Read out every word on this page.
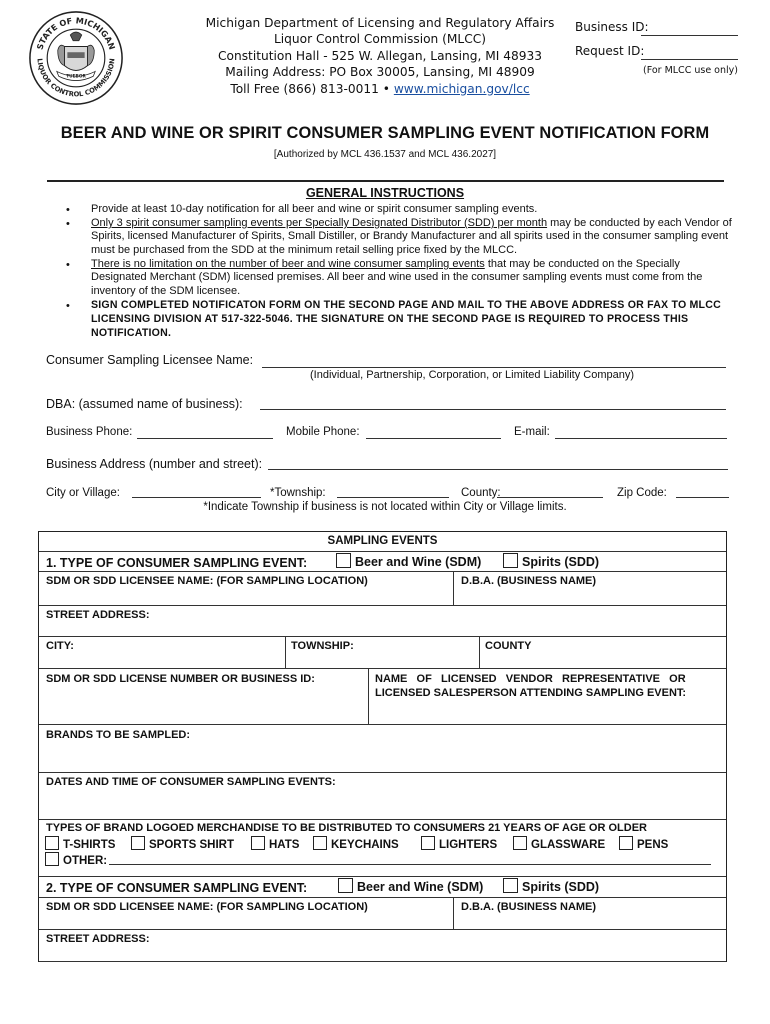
STATE OF MICHIGAN
LIQUOR CONTROL COMMISSION
TUEBOR
Michigan Department of Licensing and Regulatory Affairs
Liquor Control Commission (MLCC)
Constitution Hall - 525 W. Allegan, Lansing, MI 48933
Mailing Address: PO Box 30005, Lansing, MI 48909
Toll Free (866) 813-0011 • www.michigan.gov/lcc
Business ID:
Request ID:
(For MLCC use only)
BEER AND WINE OR SPIRIT CONSUMER SAMPLING EVENT NOTIFICATION FORM
[Authorized by MCL 436.1537 and MCL 436.2027]
GENERAL INSTRUCTIONS
• Provide at least 10-day notification for all beer and wine or spirit consumer sampling events.
• Only 3 spirit consumer sampling events per Specially Designated Distributor (SDD) per month may be conducted by each Vendor of Spirits, licensed Manufacturer of Spirits, Small Distiller, or Brandy Manufacturer and all spirits used in the consumer sampling event must be purchased from the SDD at the minimum retail selling price fixed by the MLCC.
• There is no limitation on the number of beer and wine consumer sampling events that may be conducted on the Specially Designated Merchant (SDM) licensed premises. All beer and wine used in the consumer sampling events must come from the inventory of the SDM licensee.
• SIGN COMPLETED NOTIFICATON FORM ON THE SECOND PAGE AND MAIL TO THE ABOVE ADDRESS OR FAX TO MLCC LICENSING DIVISION AT 517-322-5046. THE SIGNATURE ON THE SECOND PAGE IS REQUIRED TO PROCESS THIS NOTIFICATION.
Consumer Sampling Licensee Name:
(Individual, Partnership, Corporation, or Limited Liability Company)
DBA: (assumed name of business):
Business Phone:	Mobile Phone:	E-mail:
Business Address (number and street):
City or Village:	*Township:	County:	Zip Code:
*Indicate Township if business is not located within City or Village limits.
SAMPLING EVENTS
1. TYPE OF CONSUMER SAMPLING EVENT:	Beer and Wine (SDM)	Spirits (SDD)
SDM OR SDD LICENSEE NAME: (FOR SAMPLING LOCATION)	D.B.A. (BUSINESS NAME)
STREET ADDRESS:
CITY:	TOWNSHIP:	COUNTY
SDM OR SDD LICENSE NUMBER OR BUSINESS ID:	NAME   OF   LICENSED   VENDOR   REPRESENTATIVE   OR
LICENSED SALESPERSON ATTENDING SAMPLING EVENT:
BRANDS TO BE SAMPLED:
DATES AND TIME OF CONSUMER SAMPLING EVENTS:
TYPES OF BRAND LOGOED MERCHANDISE TO BE DISTRIBUTED TO CONSUMERS 21 YEARS OF AGE OR OLDER
T-SHIRTS	SPORTS SHIRT	HATS	KEYCHAINS	LIGHTERS	GLASSWARE	PENS
OTHER:
2. TYPE OF CONSUMER SAMPLING EVENT:	Beer and Wine (SDM)	Spirits (SDD)
SDM OR SDD LICENSEE NAME: (FOR SAMPLING LOCATION)	D.B.A. (BUSINESS NAME)
STREET ADDRESS:
